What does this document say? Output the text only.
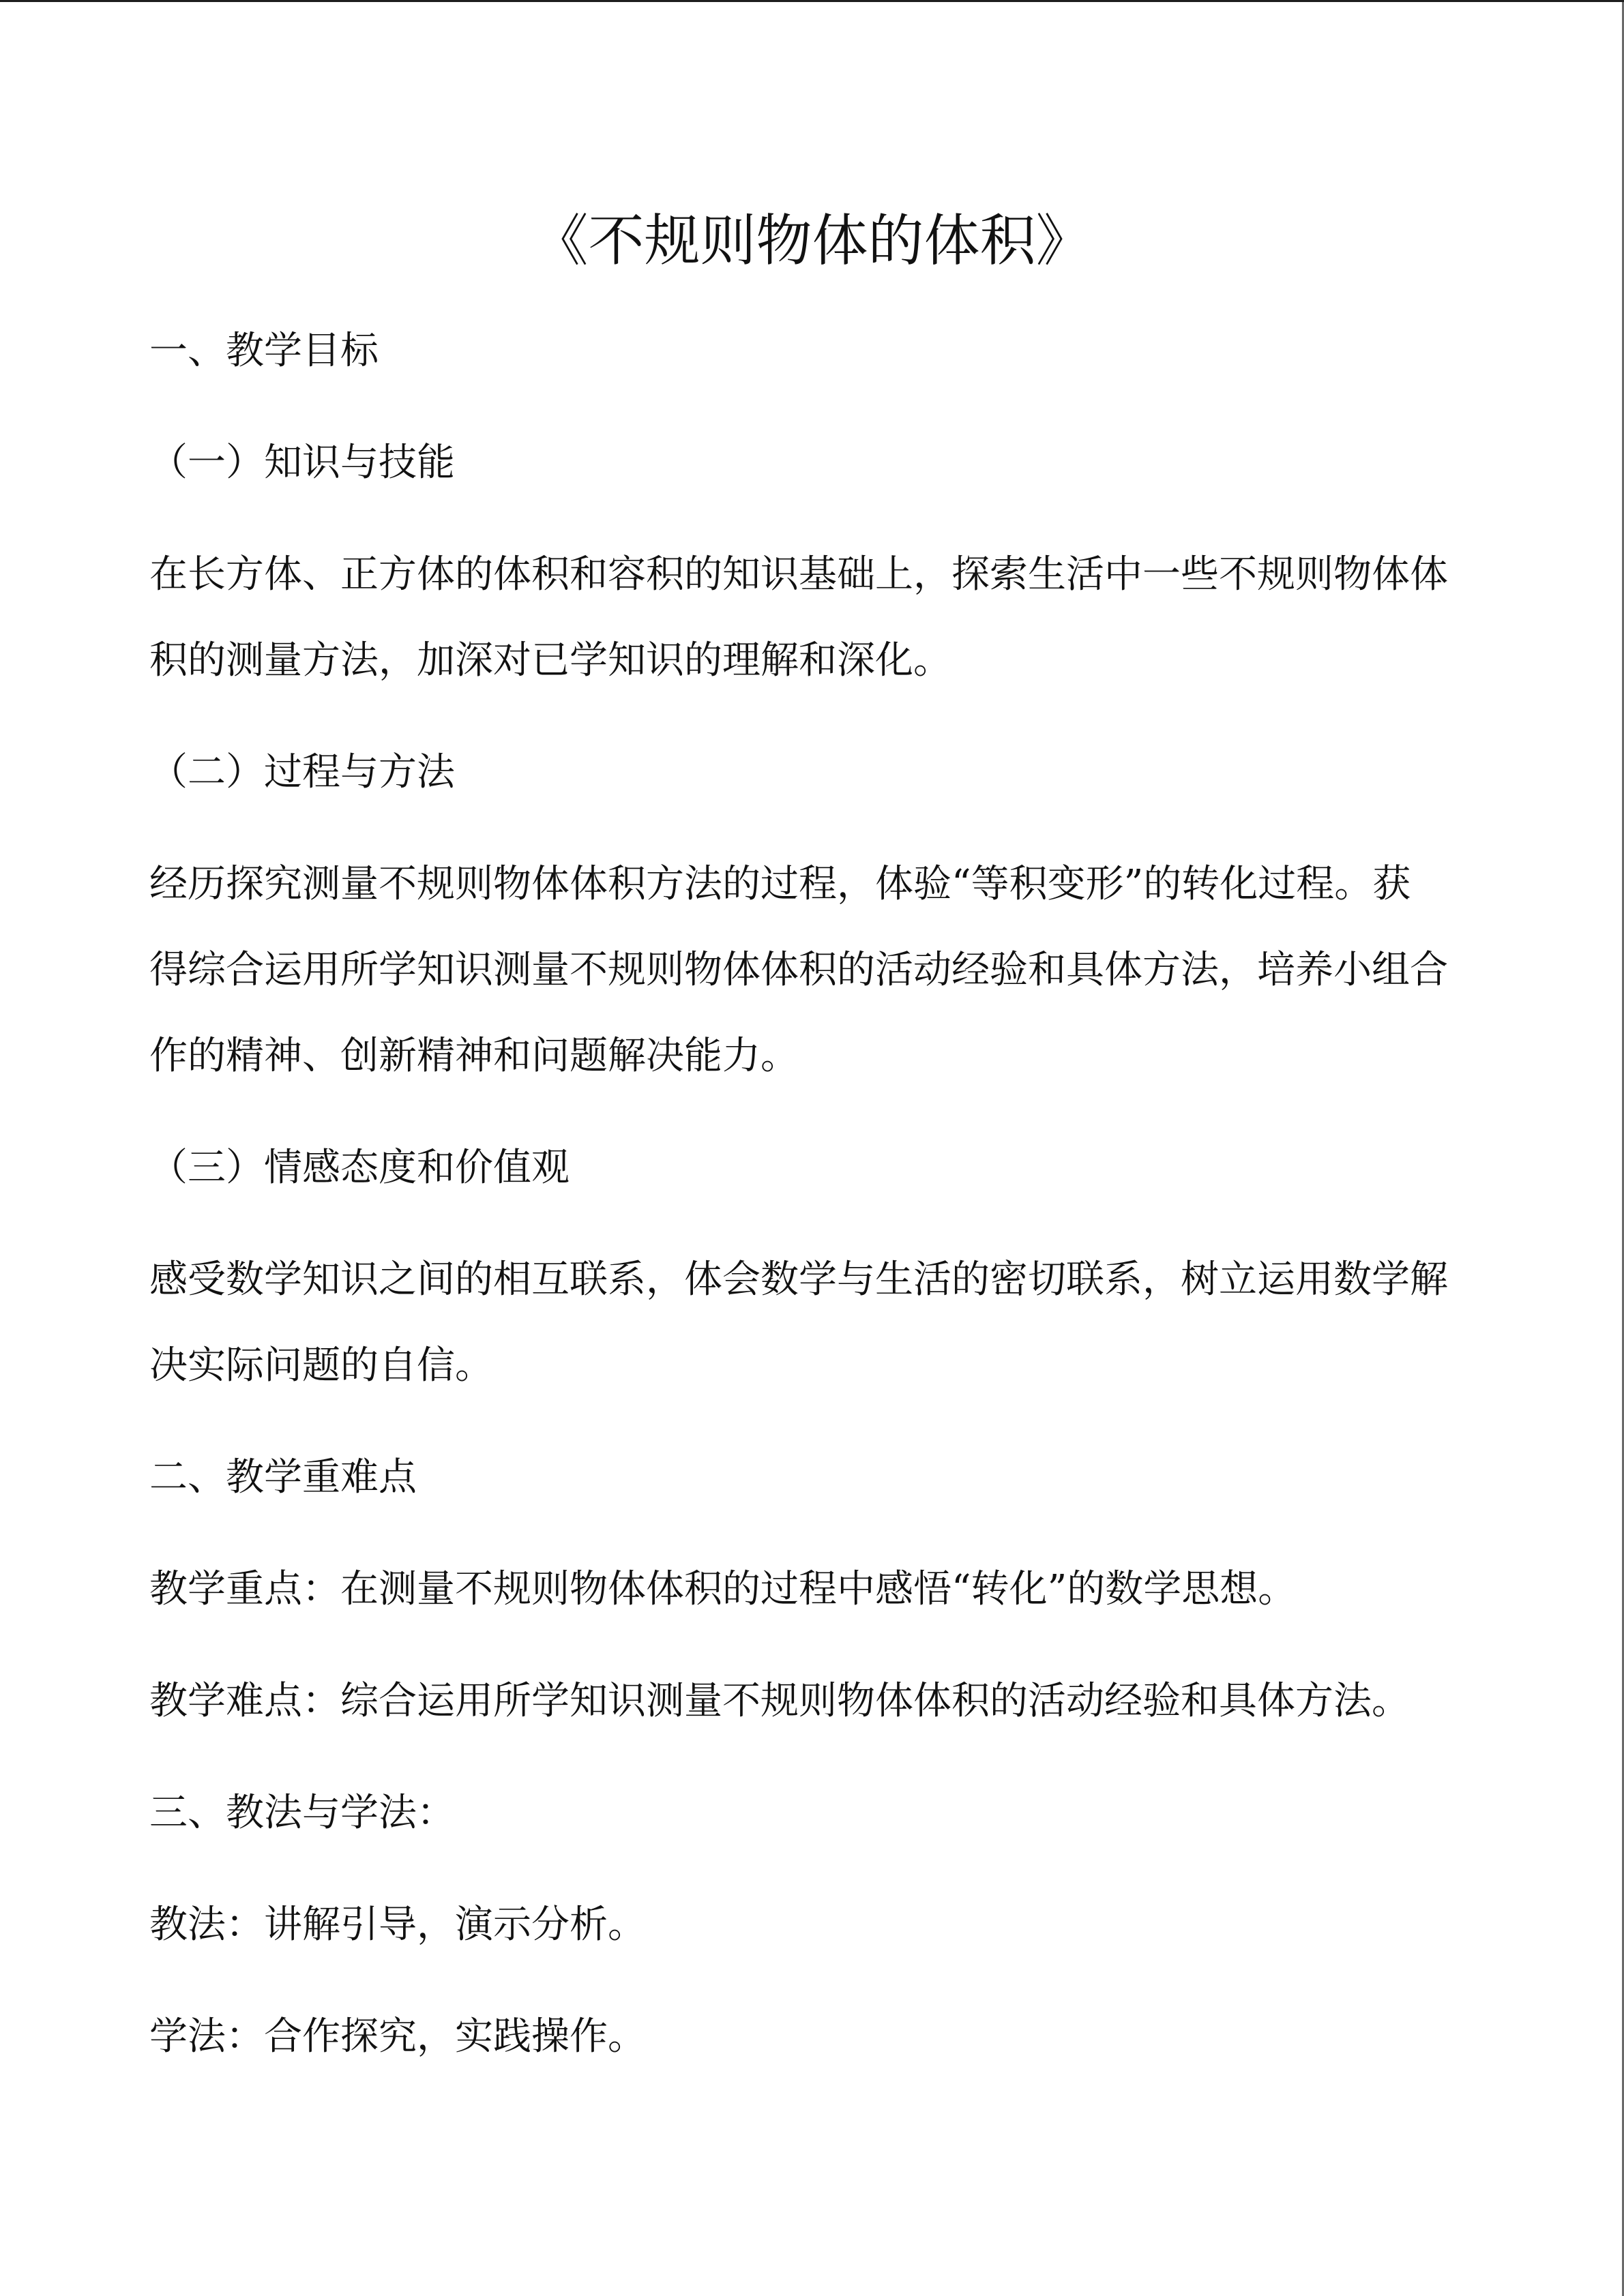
《不规则物体的体积》

一、教学目标

（一）知识与技能

在长方体、正方体的体积和容积的知识基础上，探索生活中一些不规则物体体
积的测量方法，加深对已学知识的理解和深化。

（二）过程与方法

经历探究测量不规则物体体积方法的过程，体验“等积变形”的转化过程。获
得综合运用所学知识测量不规则物体体积的活动经验和具体方法，培养小组合
作的精神、创新精神和问题解决能力。

（三）情感态度和价值观

感受数学知识之间的相互联系，体会数学与生活的密切联系，树立运用数学解
决实际问题的自信。

二、教学重难点

教学重点：在测量不规则物体体积的过程中感悟“转化”的数学思想。

教学难点：综合运用所学知识测量不规则物体体积的活动经验和具体方法。

三、教法与学法：

教法：讲解引导，演示分析。

学法：合作探究，实践操作。
